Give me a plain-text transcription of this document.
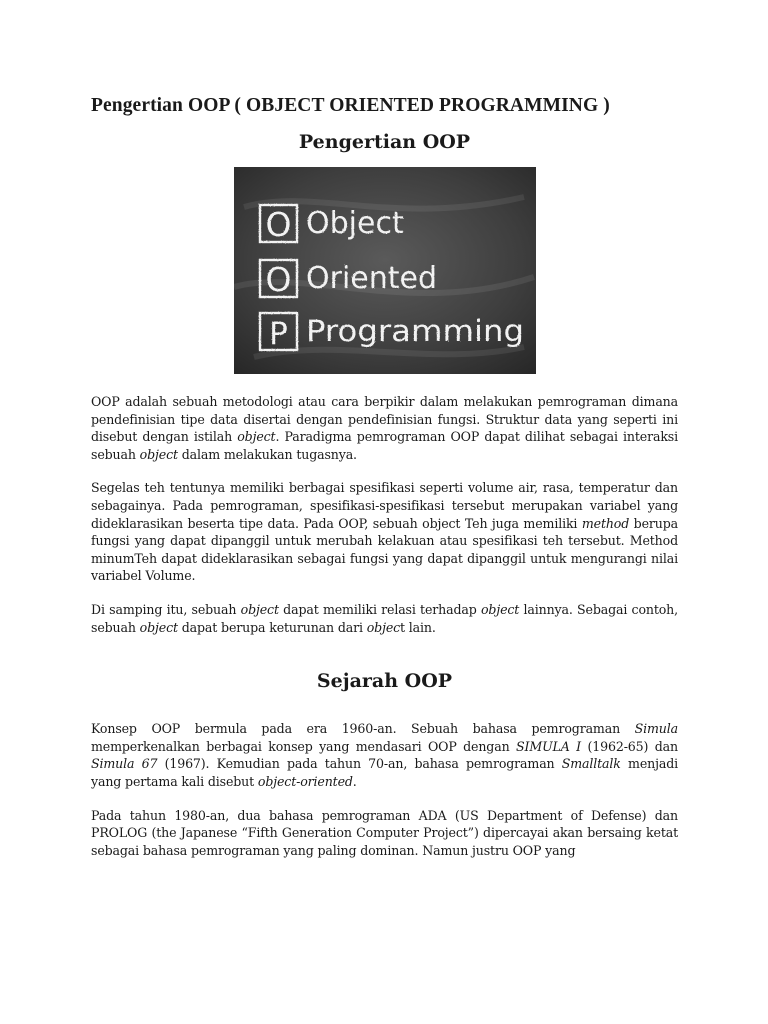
Pengertian OOP ( OBJECT ORIENTED PROGRAMMING )
Pengertian OOP
O
O
P
Object
Oriented
Programming

OOP adalah sebuah metodologi atau cara berpikir dalam melakukan pemrograman dimana pendefinisian tipe data disertai dengan pendefinisian fungsi. Struktur data yang seperti ini disebut dengan istilah object. Paradigma pemrograman OOP dapat dilihat sebagai interaksi sebuah object dalam melakukan tugasnya.

Segelas teh tentunya memiliki berbagai spesifikasi seperti volume air, rasa, temperatur dan sebagainya. Pada pemrograman, spesifikasi-spesifikasi tersebut merupakan variabel yang dideklarasikan beserta tipe data. Pada OOP, sebuah object Teh juga memiliki method berupa fungsi yang dapat dipanggil untuk merubah kelakuan atau spesifikasi teh tersebut. Method minumTeh dapat dideklarasikan sebagai fungsi yang dapat dipanggil untuk mengurangi nilai variabel Volume.

Di samping itu, sebuah object dapat memiliki relasi terhadap object lainnya. Sebagai contoh, sebuah object dapat berupa keturunan dari object lain.

Sejarah OOP

Konsep OOP bermula pada era 1960-an. Sebuah bahasa pemrograman Simula memperkenalkan berbagai konsep yang mendasari OOP dengan SIMULA I (1962-65) dan Simula 67 (1967). Kemudian pada tahun 70-an, bahasa pemrograman Smalltalk menjadi yang pertama kali disebut object-oriented.

Pada tahun 1980-an, dua bahasa pemrograman ADA (US Department of Defense) dan PROLOG (the Japanese “Fifth Generation Computer Project”) dipercayai akan bersaing ketat sebagai bahasa pemrograman yang paling dominan. Namun justru OOP yang
